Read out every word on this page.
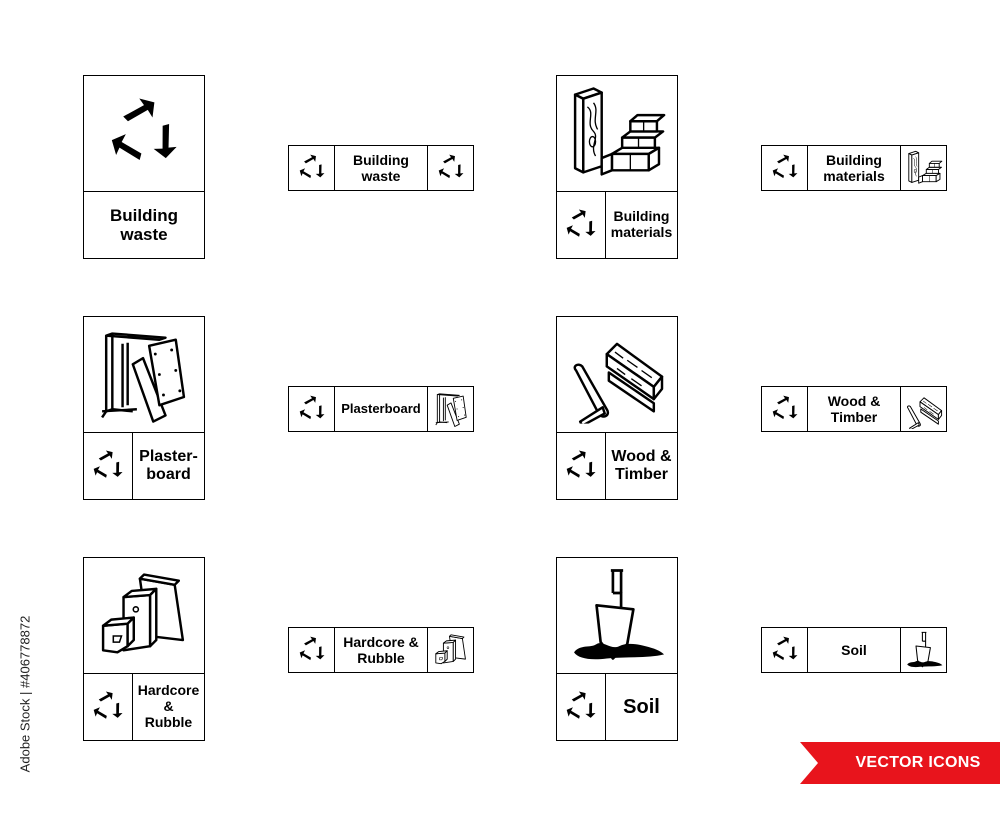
Building
waste
Building
materials
Plaster-
board
Wood &
Timber
Hardcore
&
Rubble
Soil
Building
waste
Building
materials
Plasterboard	Wood &
Timber
Hardcore &
Rubble
Soil
VECTOR ICONS
Adobe Stock | #406778872
